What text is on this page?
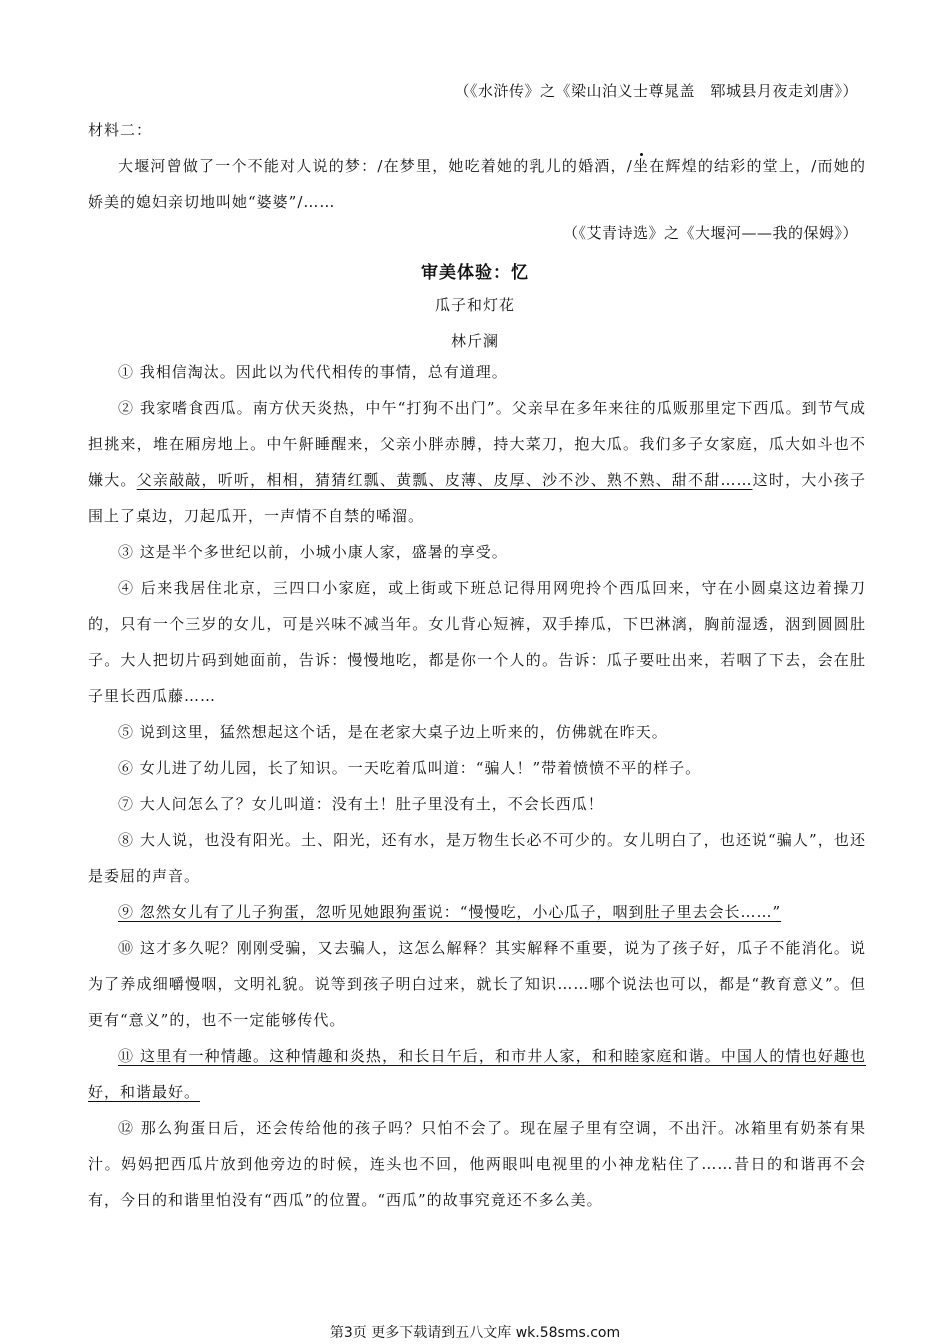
（《水浒传》之《梁山泊义士尊晁盖　郓城县月夜走刘唐》）

材料二：

大堰河曾做了一个不能对人说的梦：/在梦里，她吃着她的乳儿的婚酒，/坐在辉煌的结彩的堂上，/而她的娇美的媳妇亲切地叫她“婆婆”/……

（《艾青诗选》之《大堰河——我的保姆》）
审美体验：忆
瓜子和灯花
林斤澜

① 我相信淘汰。因此以为代代相传的事情，总有道理。

② 我家嗜食西瓜。南方伏天炎热，中午“打狗不出门”。父亲早在多年来往的瓜贩那里定下西瓜。到节气成担挑来，堆在厢房地上。中午鼾睡醒来，父亲小胖赤膊，持大菜刀，抱大瓜。我们多子女家庭，瓜大如斗也不嫌大。父亲敲敲，听听，相相，猜猜红瓢、黄瓢、皮薄、皮厚、沙不沙、熟不熟、甜不甜……这时，大小孩子围上了桌边，刀起瓜开，一声情不自禁的唏溜。

③ 这是半个多世纪以前，小城小康人家，盛暑的享受。

④ 后来我居住北京，三四口小家庭，或上街或下班总记得用网兜拎个西瓜回来，守在小圆桌这边着操刀的，只有一个三岁的女儿，可是兴味不减当年。女儿背心短裤，双手捧瓜，下巴淋漓，胸前湿透，洇到圆圆肚子。大人把切片码到她面前，告诉：慢慢地吃，都是你一个人的。告诉：瓜子要吐出来，若咽了下去，会在肚子里长西瓜藤……

⑤ 说到这里，猛然想起这个话，是在老家大桌子边上听来的，仿佛就在昨天。

⑥ 女儿进了幼儿园，长了知识。一天吃着瓜叫道：“骗人！”带着愤愤不平的样子。

⑦ 大人问怎么了？女儿叫道：没有土！肚子里没有土，不会长西瓜！

⑧ 大人说，也没有阳光。土、阳光，还有水，是万物生长必不可少的。女儿明白了，也还说“骗人”，也还是委屈的声音。

⑨ 忽然女儿有了儿子狗蛋，忽听见她跟狗蛋说：“慢慢吃，小心瓜子，咽到肚子里去会长……”

⑩ 这才多久呢？刚刚受骗，又去骗人，这怎么解释？其实解释不重要，说为了孩子好，瓜子不能消化。说为了养成细嚼慢咽，文明礼貌。说等到孩子明白过来，就长了知识……哪个说法也可以，都是“教育意义”。但更有“意义”的，也不一定能够传代。

⑪ 这里有一种情趣。这种情趣和炎热，和长日午后，和市井人家，和和睦家庭和谐。中国人的情也好趣也好，和谐最好。

⑫ 那么狗蛋日后，还会传给他的孩子吗？只怕不会了。现在屋子里有空调，不出汗。冰箱里有奶茶有果汁。妈妈把西瓜片放到他旁边的时候，连头也不回，他两眼叫电视里的小神龙粘住了……昔日的和谐再不会有，今日的和谐里怕没有“西瓜”的位置。“西瓜”的故事究竟还不多么美。

第3页 更多下载请到五八文库 wk.58sms.com
